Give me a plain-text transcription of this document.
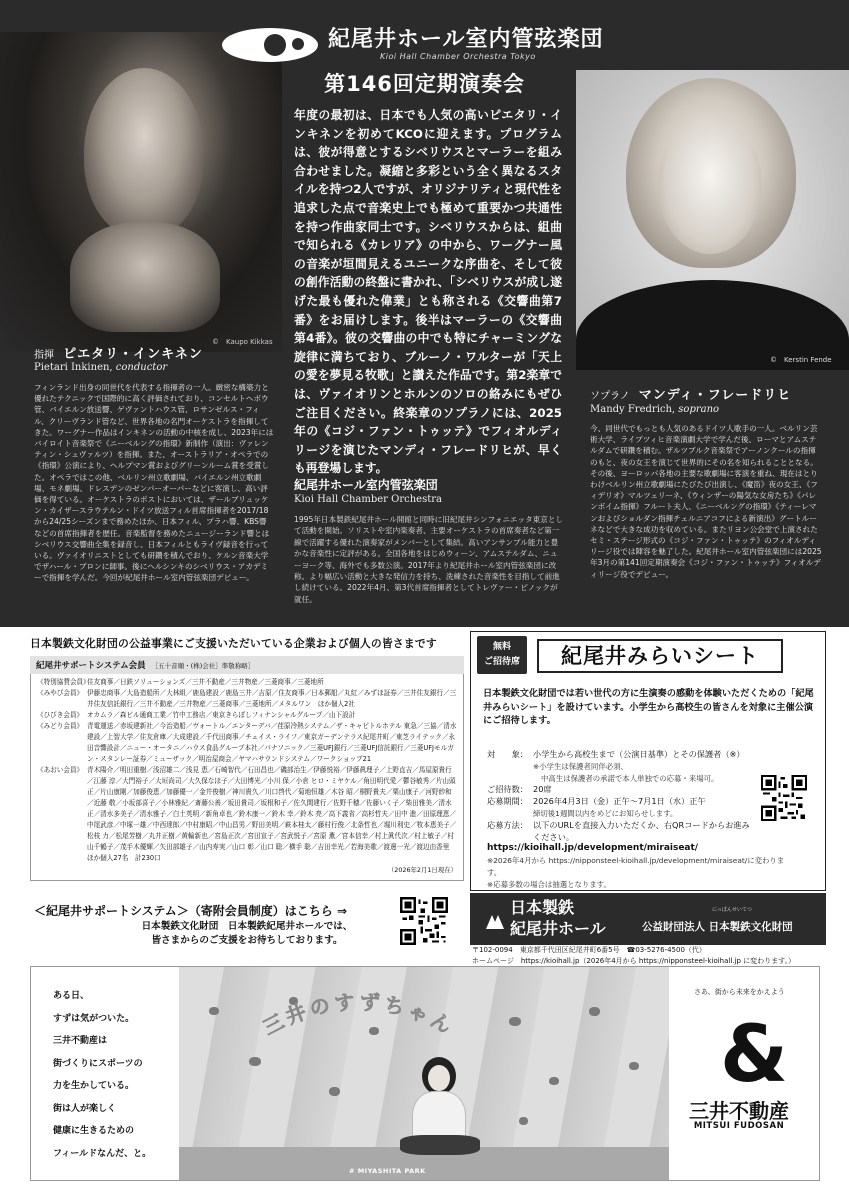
©　Kaupo Kikkas
©　Kerstin Fende
紀尾井ホール室内管弦楽団
Kioi Hall Chamber Orchestra Tokyo
第146回定期演奏会
年度の最初は、日本でも人気の高いピエタリ・インキネンを初めてKCOに迎えます。プログラムは、彼が得意とするシベリウスとマーラーを組み合わせました。凝縮と多彩という全く異なるスタイルを持つ2人ですが、オリジナリティと現代性を追求した点で音楽史上でも極めて重要かつ共通性を持つ作曲家同士です。シベリウスからは、組曲で知られる《カレリア》の中から、ワーグナー風の音楽が垣間見えるユニークな序曲を、そして彼の創作活動の終盤に書かれ、「シベリウスが成し遂げた最も優れた偉業」とも称される《交響曲第7番》をお届けします。後半はマーラーの《交響曲第4番》。彼の交響曲の中でも特にチャーミングな旋律に満ちており、ブルーノ・ワルターが「天上の愛を夢見る牧歌」と讃えた作品です。第2楽章では、ヴァイオリンとホルンのソロの絡みにもぜひご注目ください。終楽章のソプラノには、2025年の《コジ・ファン・トゥッテ》でフィオルディリージを演じたマンディ・フレードリヒが、早くも再登場します。
指揮 ピエタリ・インキネン
Pietari Inkinen, conductor
フィンランド出身の同世代を代表する指揮者の一人。緻密な構築力と優れたテクニックで国際的に高く評価されており、コンセルトヘボウ管、バイエルン放送響、ゲヴァントハウス管、ロサンゼルス・フィル、クリーヴランド管など、世界各地の名門オーケストラを指揮してきた。ワーグナー作品はインキネンの活動の中核を成し、2023年にはバイロイト音楽祭で《ニーベルングの指環》新制作（演出：ヴァレンティン・シュヴァルツ）を指揮。また、オーストラリア・オペラでの《指環》公演により、ヘルプマン賞およびグリーンルーム賞を受賞した。オペラではこの他、ベルリン州立歌劇場、バイエルン州立歌劇場、モネ劇場、ドレスデンのゼンパーオーパーなどに客演し、高い評価を得ている。オーケストラのポストにおいては、ザールブリュッケン・カイザースラウテルン・ドイツ放送フィル首席指揮者を2017/18から24/25シーズンまで務めたほか、日本フィル、プラハ響、KBS響などの首席指揮者を歴任。音楽監督を務めたニュージーランド響とはシベリウス交響曲全集を録音し、日本フィルともライヴ録音を行っている。ヴァイオリニストとしても研鑽を積んでおり、ケルン音楽大学でザハール・ブロンに師事。後にヘルシンキのシベリウス・アカデミーで指揮を学んだ。今回が紀尾井ホール室内管弦楽団デビュー。
ソプラノ マンディ・フレードリヒ
Mandy Fredrich, soprano
今、同世代でもっとも人気のあるドイツ人歌手の一人。ベルリン芸術大学、ライプツィヒ音楽演劇大学で学んだ後、ローマとアムステルダムで研鑽を積む。ザルツブルク音楽祭でアーノンクールの指揮のもと、夜の女王を演じて世界的にその名を知られることとなる。その後、ヨーロッパ各地の主要な歌劇場に客演を重ね、現在はとりわけベルリン州立歌劇場にたびたび出演し、《魔笛》夜の女王、《フィデリオ》マルツェリーネ、《ウィンザーの陽気な女房たち》《パレンボイム指揮》フルート夫人、《ニーベルングの指環》《ティーレマンおよびショルダン指揮チェルニアコフによる新演出》グートルーネなどで大きな成功を収めている。またリヨン公会堂で上演されたセミ・ステージ形式の《コジ・ファン・トゥッテ》のフィオルディリージ役では陣容を魅了した。紀尾井ホール室内管弦楽団には2025年3月の第141回定期演奏会《コジ・ファン・トゥッテ》フィオルディリージ役でデビュー。
紀尾井ホール室内管弦楽団
Kioi Hall Chamber Orchestra
1995年日本製鉄紀尾井ホール開館と同時に旧紀尾井シンフォニエッタ東京として活動を開始。ソリストや室内楽奏者、主要オーケストラの首席奏者など第一線で活躍する優れた演奏家がメンバーとして集結。高いアンサンブル能力と豊かな音楽性に定評がある。全国各地をはじめウィーン、アムステルダム、ニューヨーク等、海外でも多数公演。2017年より紀尾井ホール室内管弦楽団に改称。より幅広い活動と大きな発信力を持ち、洗練された音楽性を目指して前進し続けている。2022年4月、第3代首席指揮者としてトレヴァー・ピノックが就任。
日本製鉄文化財団の公益事業にご支援いただいている企業および個人の皆さまです
紀尾井サポートシステム会員 ［五十音順・(株)会社］準敬称略］
《特別協賛会員》
住友商事／日鉄ソリューションズ／三井不動産／三井物産／三菱商事／三菱地所
《みやび会員》 伊藤忠商事／大島造船所／大林組／鹿島建設／鹿島三井／吉原／住友商事／日本郵船／丸紅／みずほ証券／三井住友銀行／三井住友信託銀行／三井不動産／三井物産／三菱商事／三菱地所／メタルワン　ほか個人2社
《ひびき会員》 オカムラ／森ビル通商工業／竹中工務店／東京きらぼしフィナンシャルグループ／山下設計
《みどり会員》 青電運送／赤坂建新社／今治造船／ヴォートル／エンターデバ／荏原冷熱システム／ザ・キャピトルホテル 東急／三協／清水建設／上智大学／住友倉庫／大成建設／千代田商事／チェイス・ライフ／東京ガーデンテラス紀尾井町／東芝ライテック／永田音響設計／ニュー・オータニ／ハウス食品グループ本社／パナソニック／三菱UFJ銀行／三菱UFJ信託銀行／三菱UFJモルガン・スタンレー証券／ミューザック／明治屋商会／ヤマハサウンドシステム／ワークショップ21
《あおい会員》 青木陽介／明田重樹／浅沼雄二／浅見 恵／石崎智代／石田昌也／磯部治生／伊藤悦裕／伊藤眞理子／上野直吉／馬屋原貴行／江藤 淳／大門裕子／大垣尚司／大久保なほ子／大田博光／小川 保／小倉 ヒロ・ミヤケル／角田明代愛／鬱谷敏秀／片山頭正／片山康剛／加藤俊恵／加藤優一／金井俊樹／神川貴久／川口啓代／菊地恒雄／木谷 昭／桐野貴夫／栗山康子／河野紗和／近藤 敬／小坂部喜子／小林雅紀／斎藤公善／坂田貴司／坂根和子／佐久間建行／佐野千穂／佐藤いく子／柴田雅美／清水 正／清水多美子／清水雅子／白土英明／新角卓也／鈴木康一／鈴木 幸／鈴木 亮／高下義省／高杉哲夫／田中 進／田原理恵／中尾武彦／中塚一雄／中西達郎／中村康昭／中山昌男／野田美明／萩本桂太／藤村行俊／北条哲也／堀川利史／牧本恵美子／松枝 力／松尾芳樹／丸井正樹／黄輪新也／宮島正次／宮田宣子／宮武悦子／宮原 薫／宮本信幸／村上眞代次／村上敏子／村山千鶴子／茂手木優輝／矢田部雄子／山内寿実／山口 彰／山口 聡／横手 聡／吉田幸光／若海美歌／渡邊一光／渡辺由香里　ほか個人27名　計230口
（2026年2月1日現在）
＜紀尾井サポートシステム＞（寄附会員制度）はこちら ⇒
日本製鉄文化財団　日本製鉄紀尾井ホールでは、
皆さまからのご支援をお待ちしております。
無料
ご招待席	紀尾井みらいシート
日本製鉄文化財団では若い世代の方に生演奏の感動を体験いただくための「紀尾井みらいシート」を設けています。小学生から高校生の皆さんを対象に主催公演にご招待します。
対　　象： 小学生から高校生まで（公演日基準）とその保護者（※）
※小学生は保護者同伴必須、
中高生は保護者の承諾で本人単独での応募・来場可。
ご招待数： 20席
応募期間： 2026年4月3日（金）正午〜7月1日（水）正午
締切後1週間以内をめどにお知らせします。
応募方法： 以下のURLを直接入力いただくか、右QRコードからお進みください。
https://kioihall.jp/development/miraiseat/
※2026年4月から https://nipponsteel-kioihall.jp/development/miraiseat/に変わります。
※応募多数の場合は抽選となります。
日本製鉄
紀尾井ホール
にっぽんせいてつ
公益財団法人 日本製鉄文化財団
〒102-0094　東京都千代田区紀尾井町6番5号　☎03-5276-4500（代）
ホームページ　https://kioihall.jp（2026年4月から https://nipponsteel-kioihall.jp に変わります。）
ある日、
すずは気がついた。
三井不動産は
街づくりにスポーツの
力を生かしている。
街は人が楽しく
健康に生きるための
フィールドなんだ、と。
三井のすずちゃん
# MIYASHITA PARK
さあ、街から未来をかえよう
&
三井不動産
MITSUI FUDOSAN
